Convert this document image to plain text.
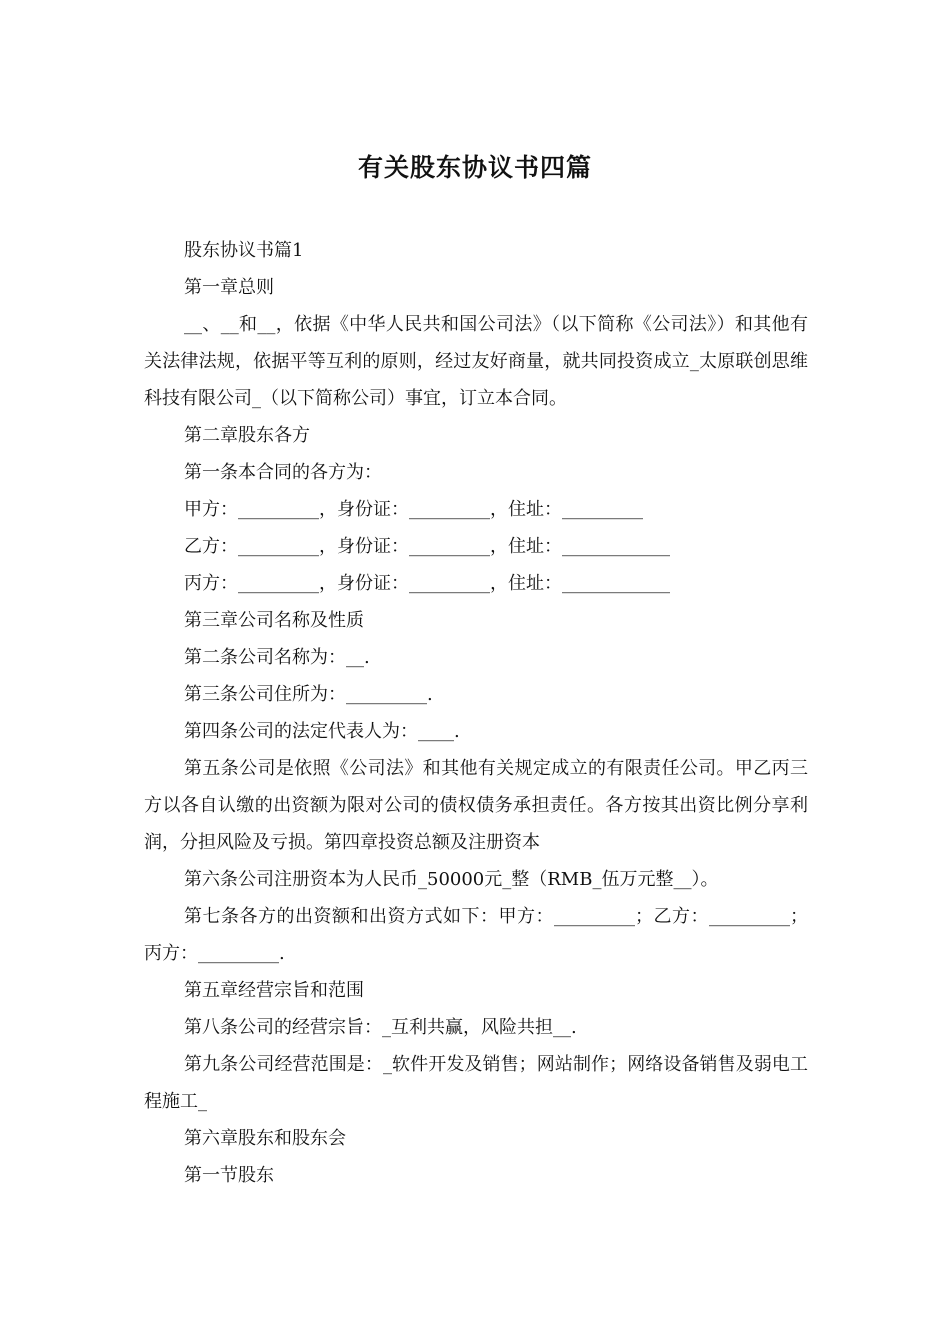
有关股东协议书四篇

股东协议书篇1

第一章总则

__、__和__，依据《中华人民共和国公司法》（以下简称《公司法》）和其他有关法律法规，依据平等互利的原则，经过友好商量，就共同投资成立_太原联创思维科技有限公司_（以下简称公司）事宜，订立本合同。

第二章股东各方

第一条本合同的各方为：

甲方：_________，身份证：_________，住址：_________

乙方：_________，身份证：_________，住址：____________

丙方：_________，身份证：_________，住址：____________

第三章公司名称及性质

第二条公司名称为：__.

第三条公司住所为：_________.

第四条公司的法定代表人为：____.

第五条公司是依照《公司法》和其他有关规定成立的有限责任公司。甲乙丙三方以各自认缴的出资额为限对公司的债权债务承担责任。各方按其出资比例分享利润，分担风险及亏损。第四章投资总额及注册资本

第六条公司注册资本为人民币_50000元_整（RMB_伍万元整__）。

第七条各方的出资额和出资方式如下：甲方：_________；乙方：_________；丙方：_________.

第五章经营宗旨和范围

第八条公司的经营宗旨：_互利共赢，风险共担__.

第九条公司经营范围是：_软件开发及销售；网站制作；网络设备销售及弱电工程施工_

第六章股东和股东会

第一节股东
